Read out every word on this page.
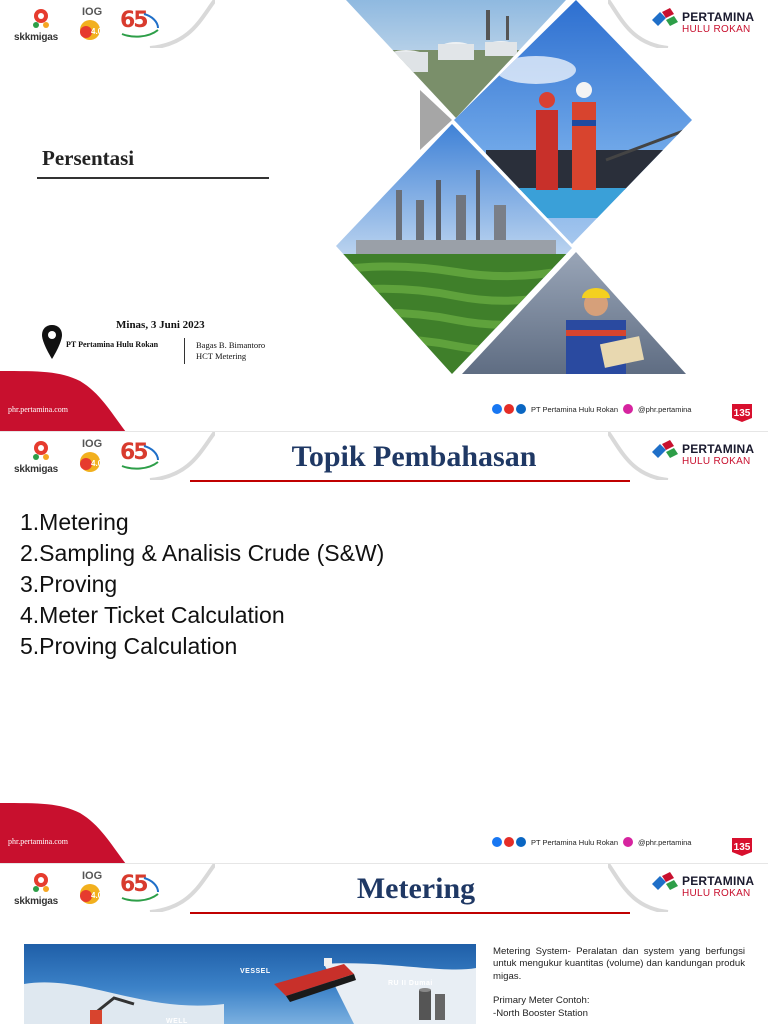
skkmigas
IOG
4.0 65	PERTAMINA
HULU ROKAN
Persentasi
Minas, 3 Juni 2023
PT Pertamina Hulu Rokan	Bagas B. Bimantoro
HCT Metering
phr.pertamina.com	PT Pertamina Hulu Rokan	@phr.pertamina	135
skkmigas
IOG
4.0 65	PERTAMINA
HULU ROKAN
Topik Pembahasan
1.Metering
2.Sampling & Analisis Crude (S&W)
3.Proving
4.Meter Ticket Calculation
5.Proving Calculation
phr.pertamina.com	PT Pertamina Hulu Rokan	@phr.pertamina	135
skkmigas
IOG
4.0 65	PERTAMINA
HULU ROKAN
Metering
VESSEL
RU II Dumai
WELL

Metering System- Peralatan dan system yang berfungsi untuk mengukur kuantitas (volume) dan kandungan produk migas.

Primary Meter Contoh:
-North Booster Station
